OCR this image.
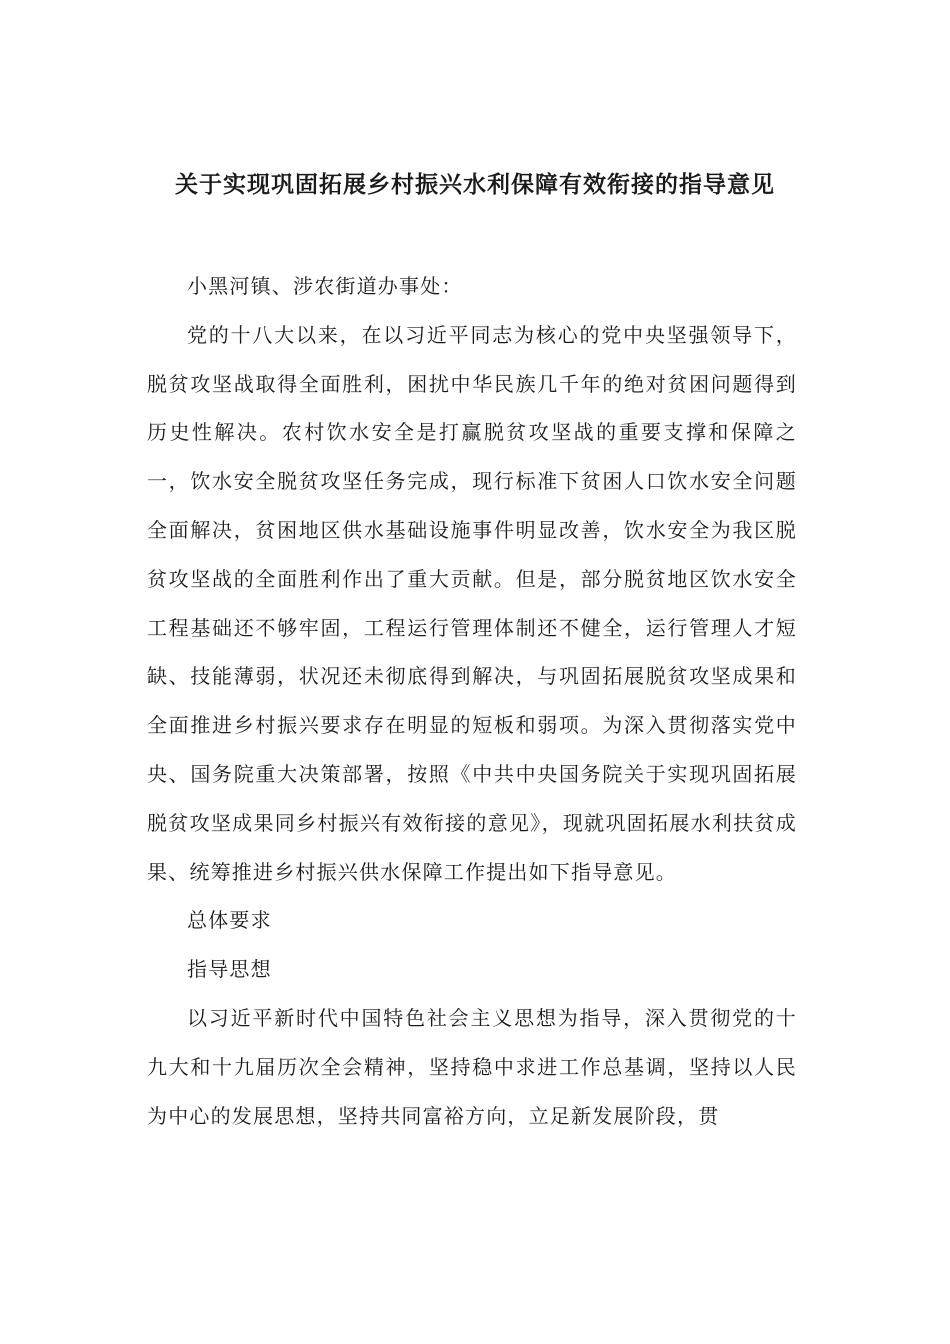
关于实现巩固拓展乡村振兴水利保障有效衔接的指导意见

小黑河镇、涉农街道办事处：

党的十八大以来，在以习近平同志为核心的党中央坚强领导下，脱贫攻坚战取得全面胜利，困扰中华民族几千年的绝对贫困问题得到历史性解决。农村饮水安全是打赢脱贫攻坚战的重要支撑和保障之一，饮水安全脱贫攻坚任务完成，现行标准下贫困人口饮水安全问题全面解决，贫困地区供水基础设施事件明显改善，饮水安全为我区脱贫攻坚战的全面胜利作出了重大贡献。但是，部分脱贫地区饮水安全工程基础还不够牢固，工程运行管理体制还不健全，运行管理人才短缺、技能薄弱，状况还未彻底得到解决，与巩固拓展脱贫攻坚成果和全面推进乡村振兴要求存在明显的短板和弱项。为深入贯彻落实党中央、国务院重大决策部署，按照《中共中央国务院关于实现巩固拓展脱贫攻坚成果同乡村振兴有效衔接的意见》，现就巩固拓展水利扶贫成果、统筹推进乡村振兴供水保障工作提出如下指导意见。

总体要求

指导思想

以习近平新时代中国特色社会主义思想为指导，深入贯彻党的十九大和十九届历次全会精神，坚持稳中求进工作总基调，坚持以人民为中心的发展思想，坚持共同富裕方向，立足新发展阶段，贯
